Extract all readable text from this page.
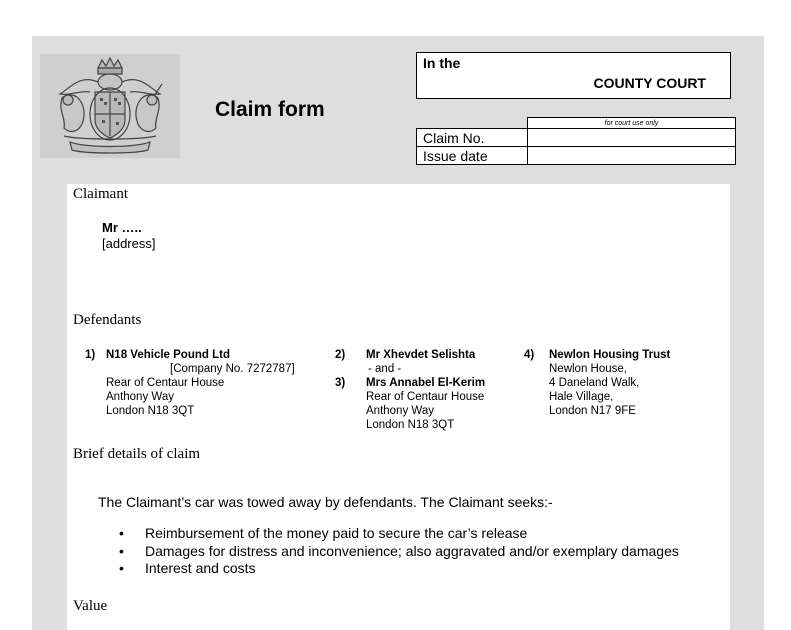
Claim form
In the
COUNTY COURT
	for court use only
Claim No.	
Issue date	
Claimant
Mr …..
[address]
Defendants
1) N18 Vehicle Pound Ltd
[Company No. 7272787]
Rear of Centaur House
Anthony Way
London N18 3QT
2)
3)
Mr Xhevdet Selishta
- and -
Mrs Annabel El-Kerim
Rear of Centaur House
Anthony Way
London N18 3QT
4) Newlon Housing Trust
Newlon House,
4 Daneland Walk,
Hale Village,
London N17 9FE
Brief details of claim
The Claimant’s car was towed away by defendants. The Claimant seeks:-
• Reimbursement of the money paid to secure the car’s release
• Damages for distress and inconvenience; also aggravated and/or exemplary damages
• Interest and costs
Value
